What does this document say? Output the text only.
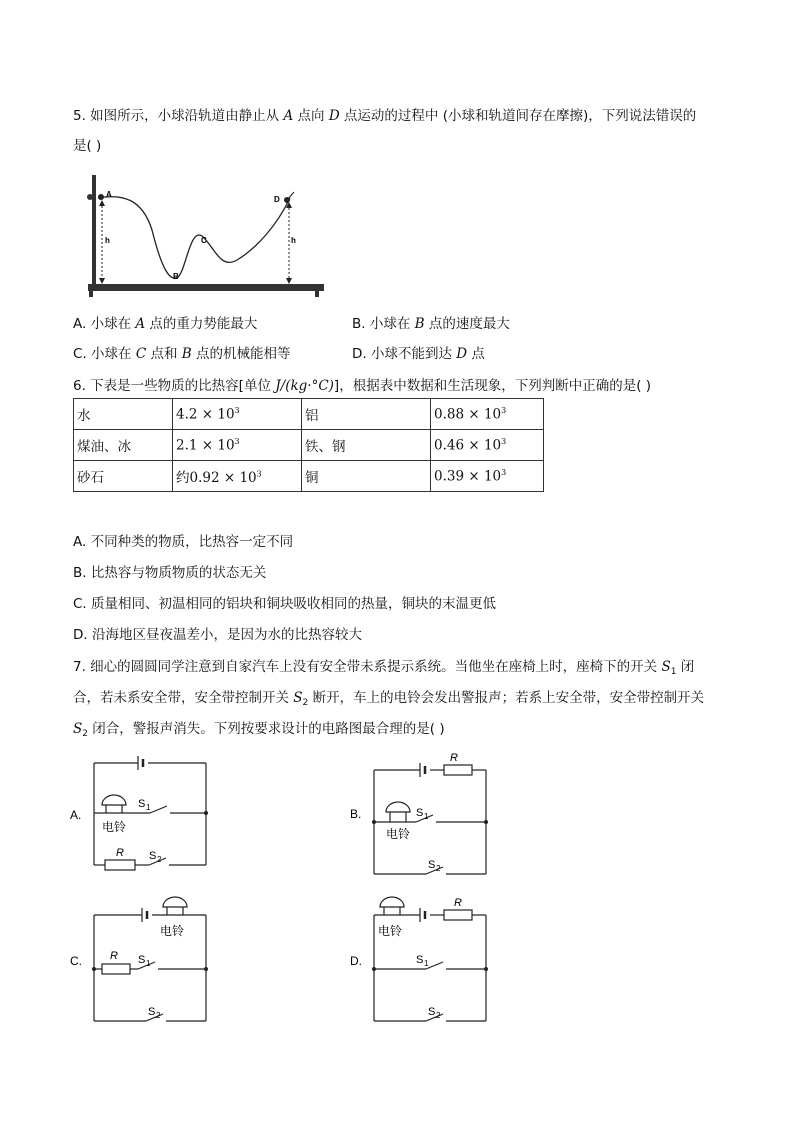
5. 如图所示，小球沿轨道由静止从 A 点向 D 点运动的过程中 (小球和轨道间存在摩擦)，下列说法错误的
是( )
A
B
C
D
h	h
A. 小球在 A 点的重力势能最大	B. 小球在 B 点的速度最大
C. 小球在 C 点和 B 点的机械能相等	D. 小球不能到达 D 点
6. 下表是一些物质的比热容[单位 J/(kg·°C)]，根据表中数据和生活现象，下列判断中正确的是( )
水	$4.2 \times 10^3$	铝	$0.88 \times 10^3$
煤油、冰	$2.1 \times 10^3$	铁、钢	$0.46 \times 10^3$
砂石	约$0.92 \times 10^3$	铜	$0.39 \times 10^3$
A. 不同种类的物质，比热容一定不同
B. 比热容与物质物质的状态无关
C. 质量相同、初温相同的铝块和铜块吸收相同的热量，铜块的末温更低
D. 沿海地区昼夜温差小，是因为水的比热容较大
7. 细心的圆圆同学注意到自家汽车上没有安全带未系提示系统。当他坐在座椅上时，座椅下的开关 $S_1$ 闭
合，若未系安全带，安全带控制开关 $S_2$ 断开，车上的电铃会发出警报声；若系上安全带，安全带控制开关
$S_2$ 闭合，警报声消失。下列按要求设计的电路图最合理的是( )
A.
电铃
S 1
R S 2
B.
R
电铃
S 1
S 2
C.
电铃
R S 1
S 2
D.
电铃
R
S 1
S 2
